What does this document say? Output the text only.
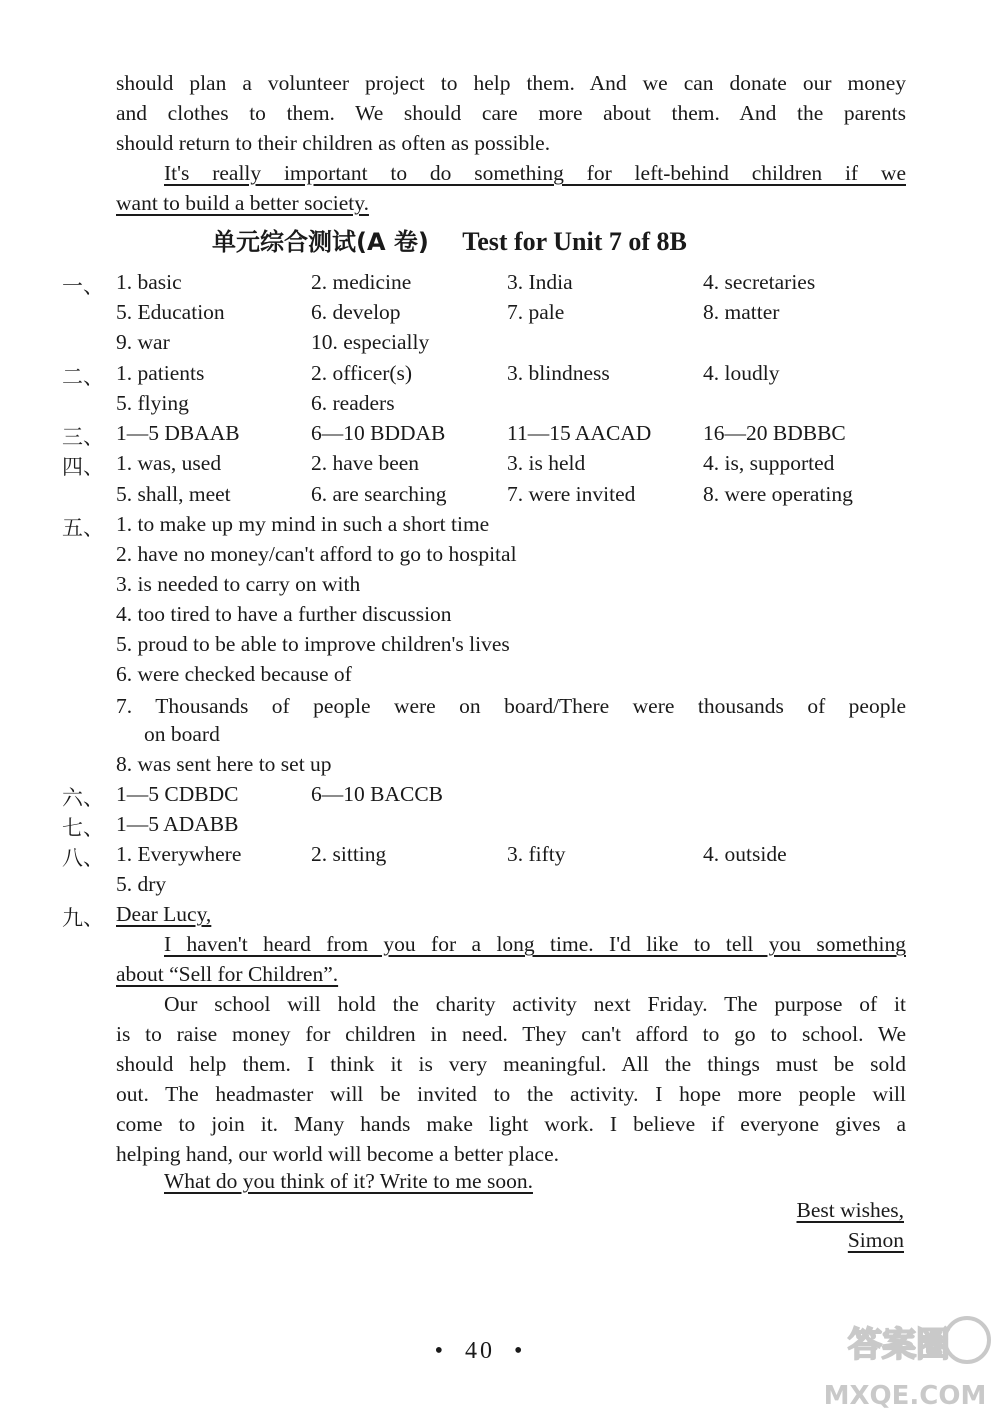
should plan a volunteer project to help them. And we can donate our money
and clothes to them. We should care more about them. And the parents
should return to their children as often as possible.
It's really important to do something for left-behind children if we
want to build a better society.
单元综合测试(A 卷) Test for Unit 7 of 8B
一、 1. basic	2. medicine	3. India	4. secretaries
5. Education	6. develop	7. pale	8. matter
9. war	10. especially
二、 1. patients	2. officer(s)	3. blindness	4. loudly
5. flying	6. readers
三、 1—5 DBAAB	6—10 BDDAB	11—15 AACAD 16—20 BDBBC
四、 1. was, used	2. have been	3. is held	4. is, supported
5. shall, meet	6. are searching	7. were invited	8. were operating
五、 1. to make up my mind in such a short time
2. have no money/can't afford to go to hospital
3. is needed to carry on with
4. too tired to have a further discussion
5. proud to be able to improve children's lives
6. were checked because of
7. Thousands of people were on board/There were thousands of people
on board
8. was sent here to set up
六、 1—5 CDBDC	6—10 BACCB
七、 1—5 ADABB
八、 1. Everywhere	2. sitting	3. fifty	4. outside
5. dry
九、 Dear Lucy,
I haven't heard from you for a long time. I'd like to tell you something
about “Sell for Children”.
Our school will hold the charity activity next Friday. The purpose of it
is to raise money for children in need. They can't afford to go to school. We
should help them. I think it is very meaningful. All the things must be sold
out. The headmaster will be invited to the activity. I hope more people will
come to join it. Many hands make light work. I believe if everyone gives a
helping hand, our world will become a better place.
What do you think of it? Write to me soon.
Best wishes,
Simon
• 40 •	答案圈
MXQE.COM
